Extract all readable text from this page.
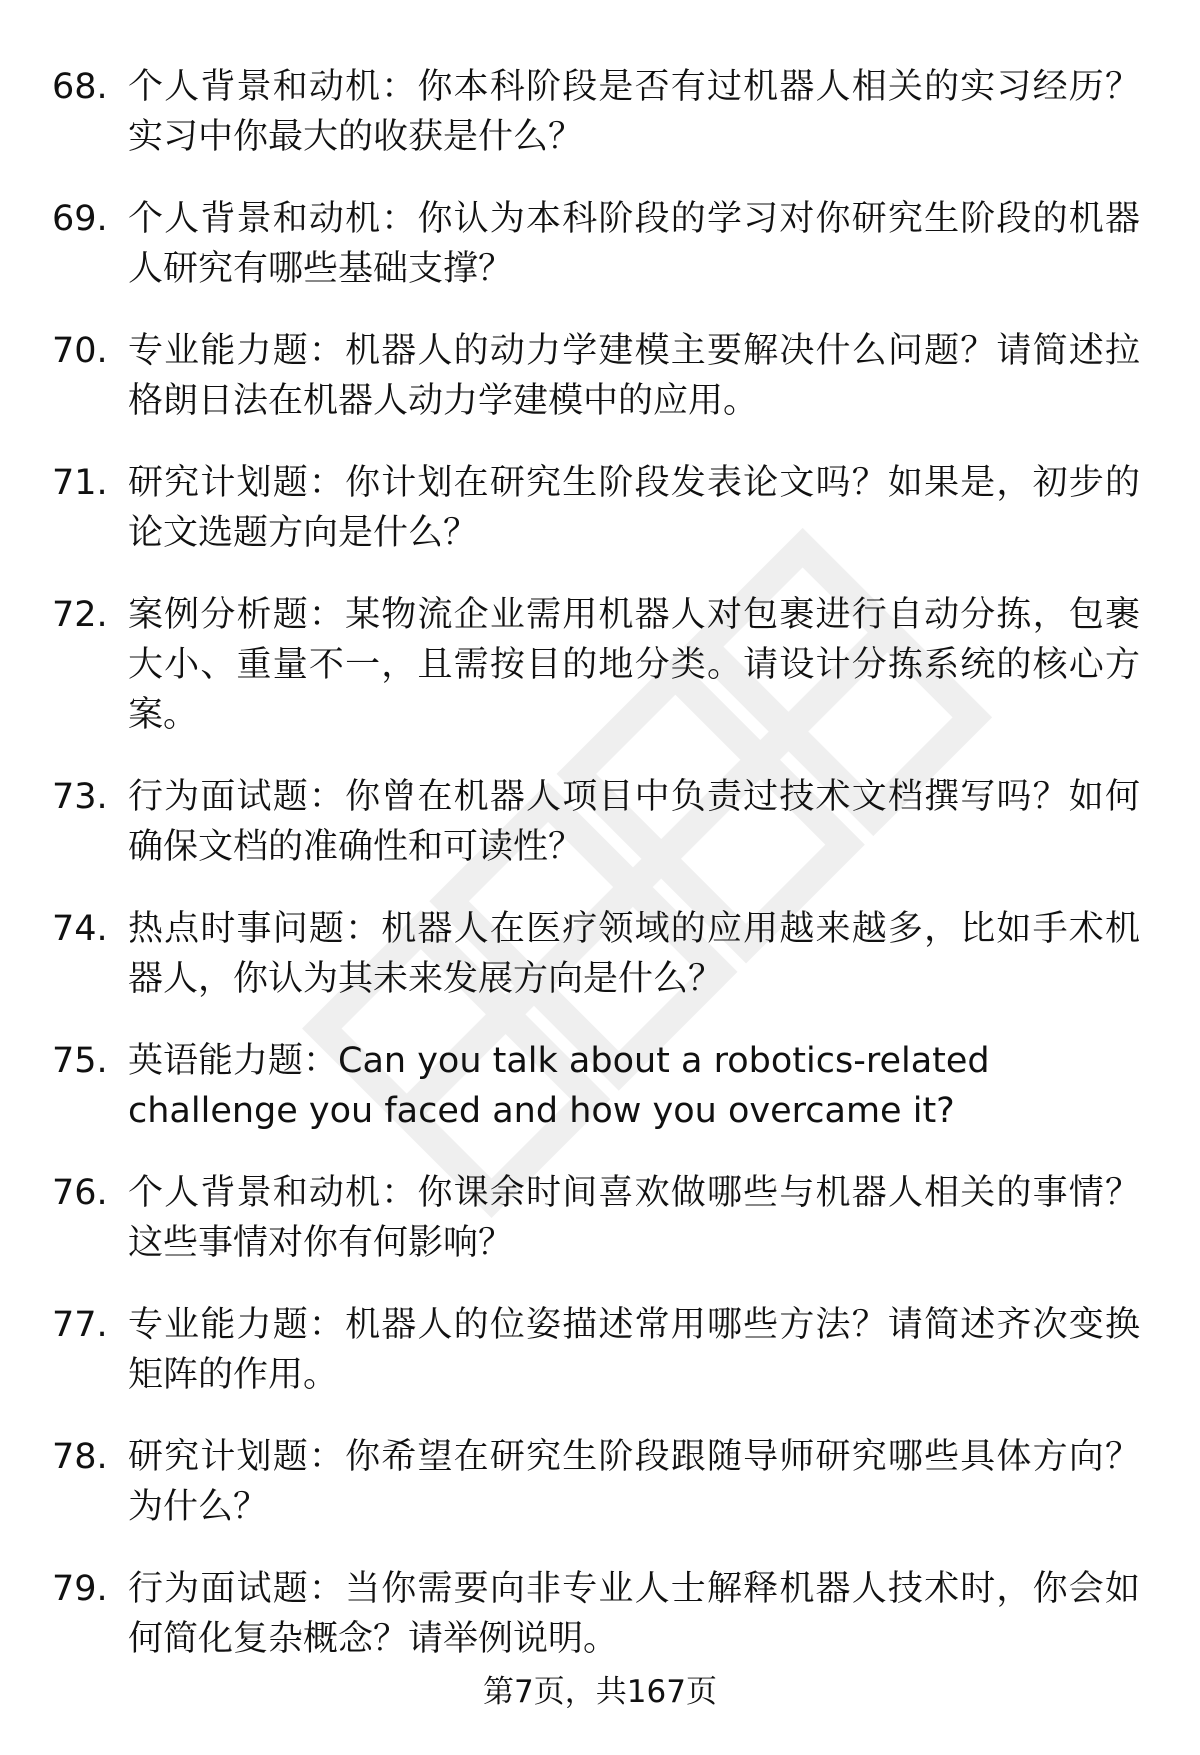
68. 个人背景和动机：你本科阶段是否有过机器人相关的实习经历？实习中你最大的收获是什么？
69. 个人背景和动机：你认为本科阶段的学习对你研究生阶段的机器人研究有哪些基础支撑？
70. 专业能力题：机器人的动力学建模主要解决什么问题？请简述拉格朗日法在机器人动力学建模中的应用。
71. 研究计划题：你计划在研究生阶段发表论文吗？如果是，初步的论文选题方向是什么？
72. 案例分析题：某物流企业需用机器人对包裹进行自动分拣，包裹大小、重量不一，且需按目的地分类。请设计分拣系统的核心方案。
73. 行为面试题：你曾在机器人项目中负责过技术文档撰写吗？如何确保文档的准确性和可读性？
74. 热点时事问题：机器人在医疗领域的应用越来越多，比如手术机器人，你认为其未来发展方向是什么？
75. 英语能力题：Can you talk about a robotics-related challenge you faced and how you overcame it?
76. 个人背景和动机：你课余时间喜欢做哪些与机器人相关的事情？这些事情对你有何影响？
77. 专业能力题：机器人的位姿描述常用哪些方法？请简述齐次变换矩阵的作用。
78. 研究计划题：你希望在研究生阶段跟随导师研究哪些具体方向？为什么？
79. 行为面试题：当你需要向非专业人士解释机器人技术时，你会如何简化复杂概念？请举例说明。
第7页，共167页
